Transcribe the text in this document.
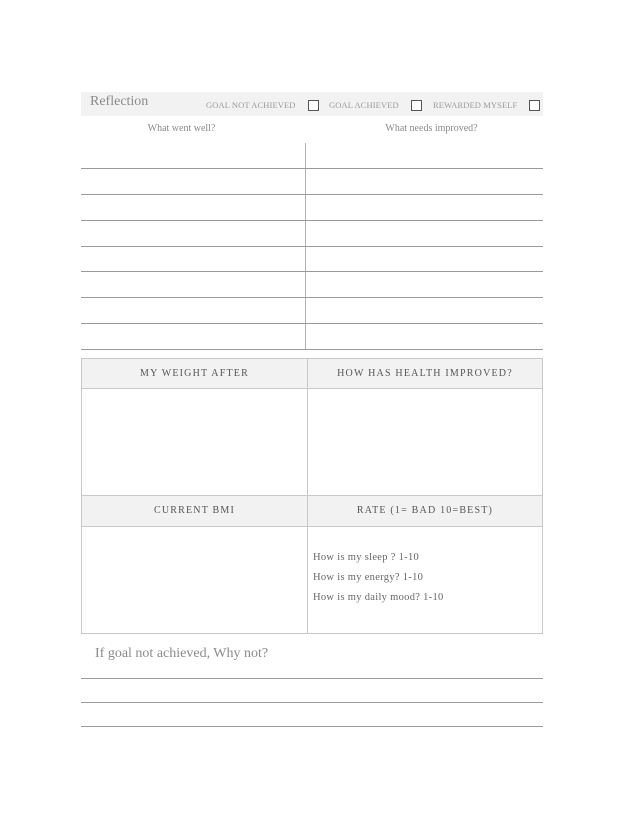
Reflection	GOAL NOT ACHIEVED	GOAL ACHIEVED	REWARDED MYSELF
What went well?	What needs improved?
MY WEIGHT AFTER	HOW HAS HEALTH IMPROVED?
CURRENT BMI	RATE (1= BAD 10=BEST)
How is my sleep ? 1-10
How is my energy? 1-10
How is my daily mood? 1-10
If goal not achieved, Why not?
